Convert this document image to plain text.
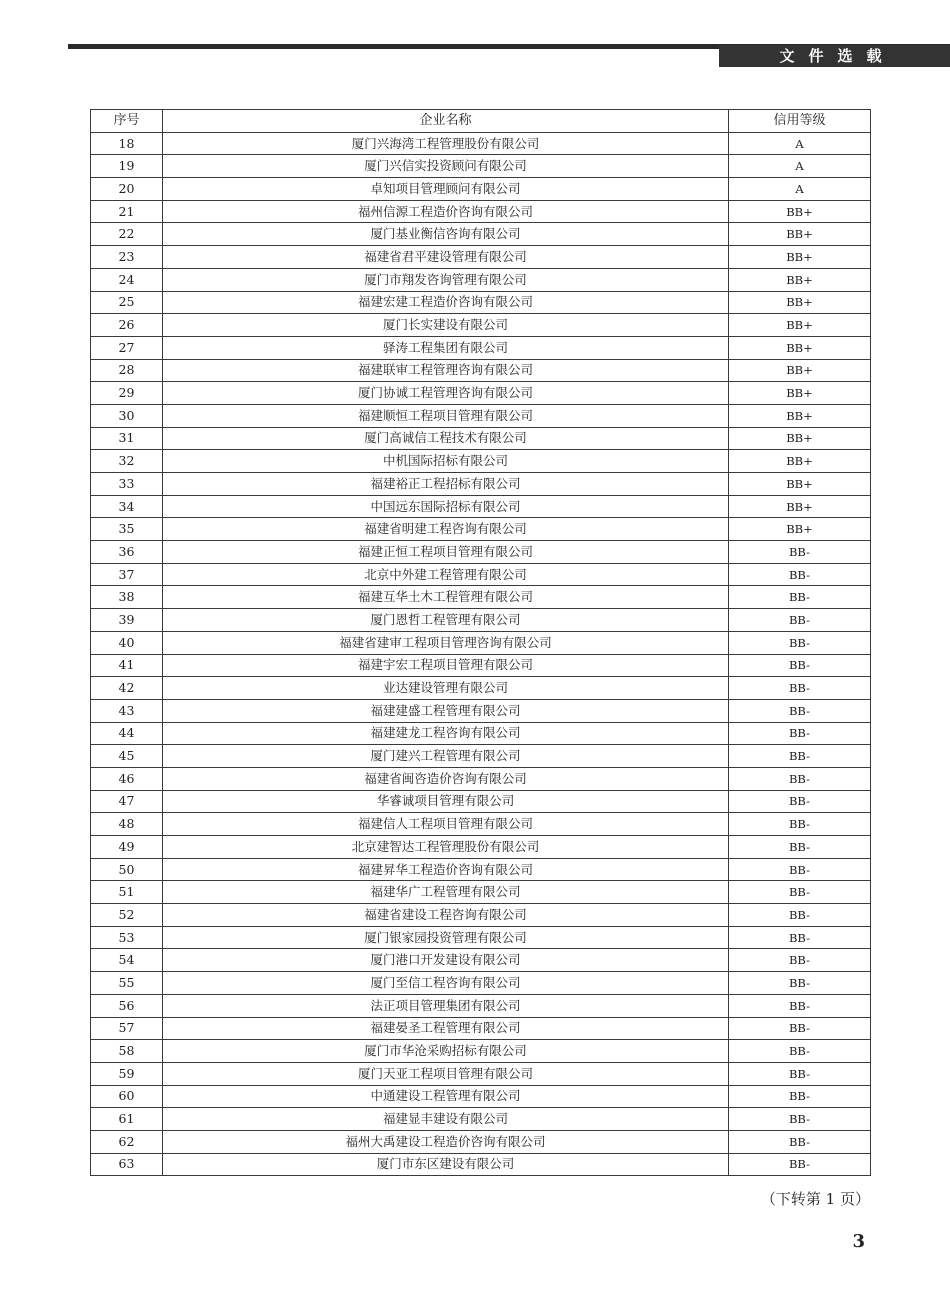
文件选载
序号	企业名称	信用等级
18	厦门兴海湾工程管理股份有限公司	A
19	厦门兴信实投资顾问有限公司	A
20	卓知项目管理顾问有限公司	A
21	福州信源工程造价咨询有限公司	BB+
22	厦门基业衡信咨询有限公司	BB+
23	福建省君平建设管理有限公司	BB+
24	厦门市翔发咨询管理有限公司	BB+
25	福建宏建工程造价咨询有限公司	BB+
26	厦门长实建设有限公司	BB+
27	驿涛工程集团有限公司	BB+
28	福建联审工程管理咨询有限公司	BB+
29	厦门协诚工程管理咨询有限公司	BB+
30	福建顺恒工程项目管理有限公司	BB+
31	厦门高诚信工程技术有限公司	BB+
32	中机国际招标有限公司	BB+
33	福建裕正工程招标有限公司	BB+
34	中国远东国际招标有限公司	BB+
35	福建省明建工程咨询有限公司	BB+
36	福建正恒工程项目管理有限公司	BB-
37	北京中外建工程管理有限公司	BB-
38	福建互华土木工程管理有限公司	BB-
39	厦门恩哲工程管理有限公司	BB-
40	福建省建审工程项目管理咨询有限公司	BB-
41	福建宇宏工程项目管理有限公司	BB-
42	业达建设管理有限公司	BB-
43	福建建盛工程管理有限公司	BB-
44	福建建龙工程咨询有限公司	BB-
45	厦门建兴工程管理有限公司	BB-
46	福建省闽咨造价咨询有限公司	BB-
47	华睿诚项目管理有限公司	BB-
48	福建信人工程项目管理有限公司	BB-
49	北京建智达工程管理股份有限公司	BB-
50	福建昇华工程造价咨询有限公司	BB-
51	福建华广工程管理有限公司	BB-
52	福建省建设工程咨询有限公司	BB-
53	厦门银家园投资管理有限公司	BB-
54	厦门港口开发建设有限公司	BB-
55	厦门至信工程咨询有限公司	BB-
56	法正项目管理集团有限公司	BB-
57	福建晏圣工程管理有限公司	BB-
58	厦门市华沧采购招标有限公司	BB-
59	厦门天亚工程项目管理有限公司	BB-
60	中通建设工程管理有限公司	BB-
61	福建显丰建设有限公司	BB-
62	福州大禹建设工程造价咨询有限公司	BB-
63	厦门市东区建设有限公司	BB-
（下转第 1 页）
3
